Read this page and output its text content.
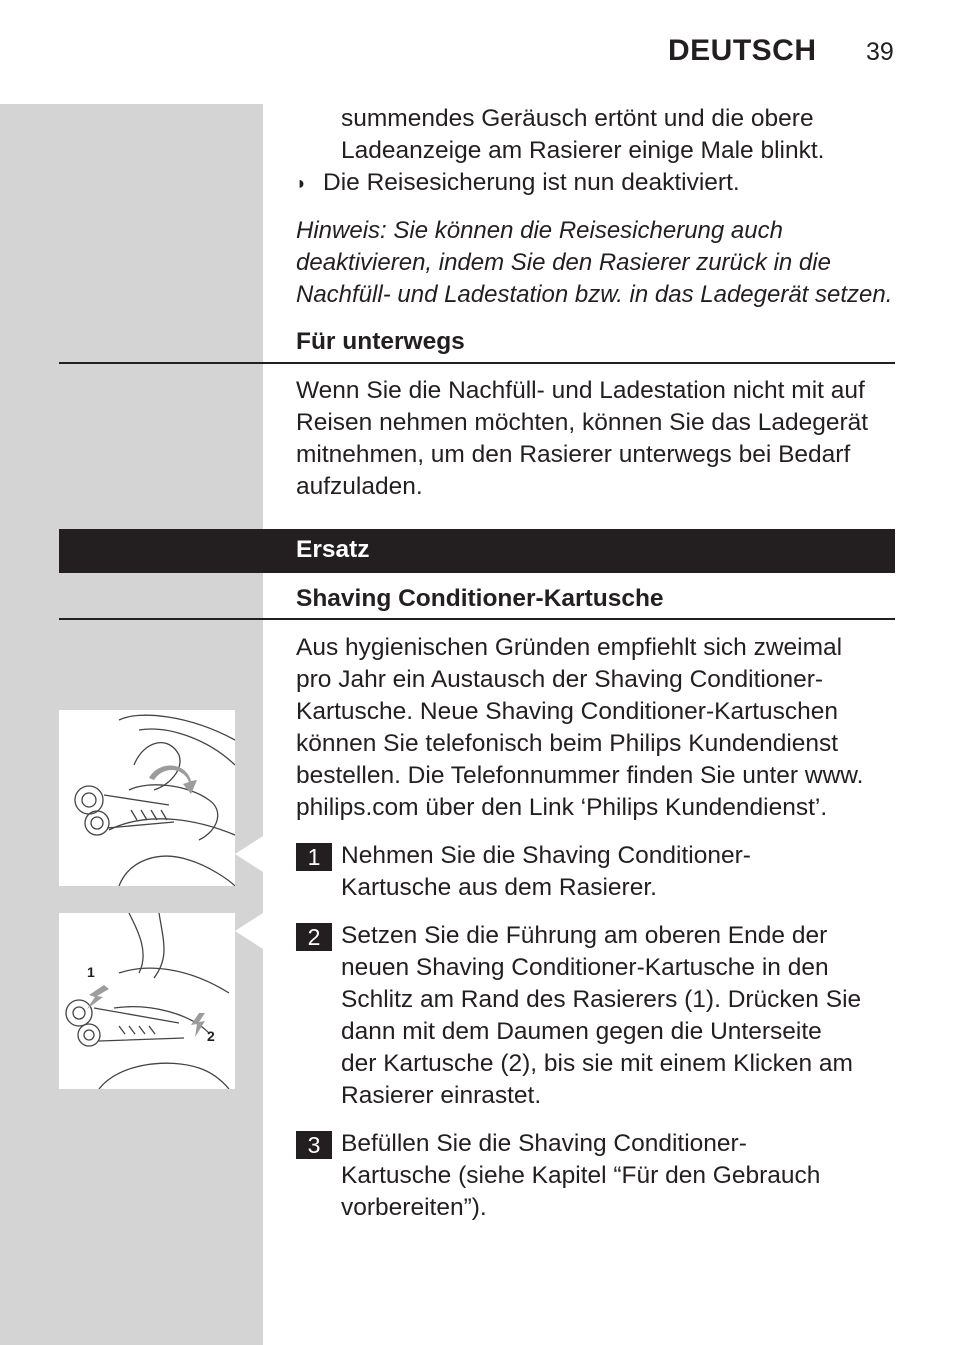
DEUTSCH 39
summendes Geräusch ertönt und die obere
Ladeanzeige am Rasierer einige Male blinkt.
◗ Die Reisesicherung ist nun deaktiviert.
Hinweis: Sie können die Reisesicherung auch
deaktivieren, indem Sie den Rasierer zurück in die
Nachfüll- und Ladestation bzw. in das Ladegerät setzen.
Für unterwegs
Wenn Sie die Nachfüll- und Ladestation nicht mit auf
Reisen nehmen möchten, können Sie das Ladegerät
mitnehmen, um den Rasierer unterwegs bei Bedarf
aufzuladen.
Ersatz
Shaving Conditioner-Kartusche
Aus hygienischen Gründen empfiehlt sich zweimal
pro Jahr ein Austausch der Shaving Conditioner-
Kartusche. Neue Shaving Conditioner-Kartuschen
können Sie telefonisch beim Philips Kundendienst
bestellen. Die Telefonnummer finden Sie unter www.
philips.com über den Link ‘Philips Kundendienst’.
1 Nehmen Sie die Shaving Conditioner-
Kartusche aus dem Rasierer.
2 Setzen Sie die Führung am oberen Ende der
neuen Shaving Conditioner-Kartusche in den
Schlitz am Rand des Rasierers (1). Drücken Sie
dann mit dem Daumen gegen die Unterseite
der Kartusche (2), bis sie mit einem Klicken am
Rasierer einrastet.
3 Befüllen Sie die Shaving Conditioner-
Kartusche (siehe Kapitel “Für den Gebrauch
vorbereiten”).
1
2
